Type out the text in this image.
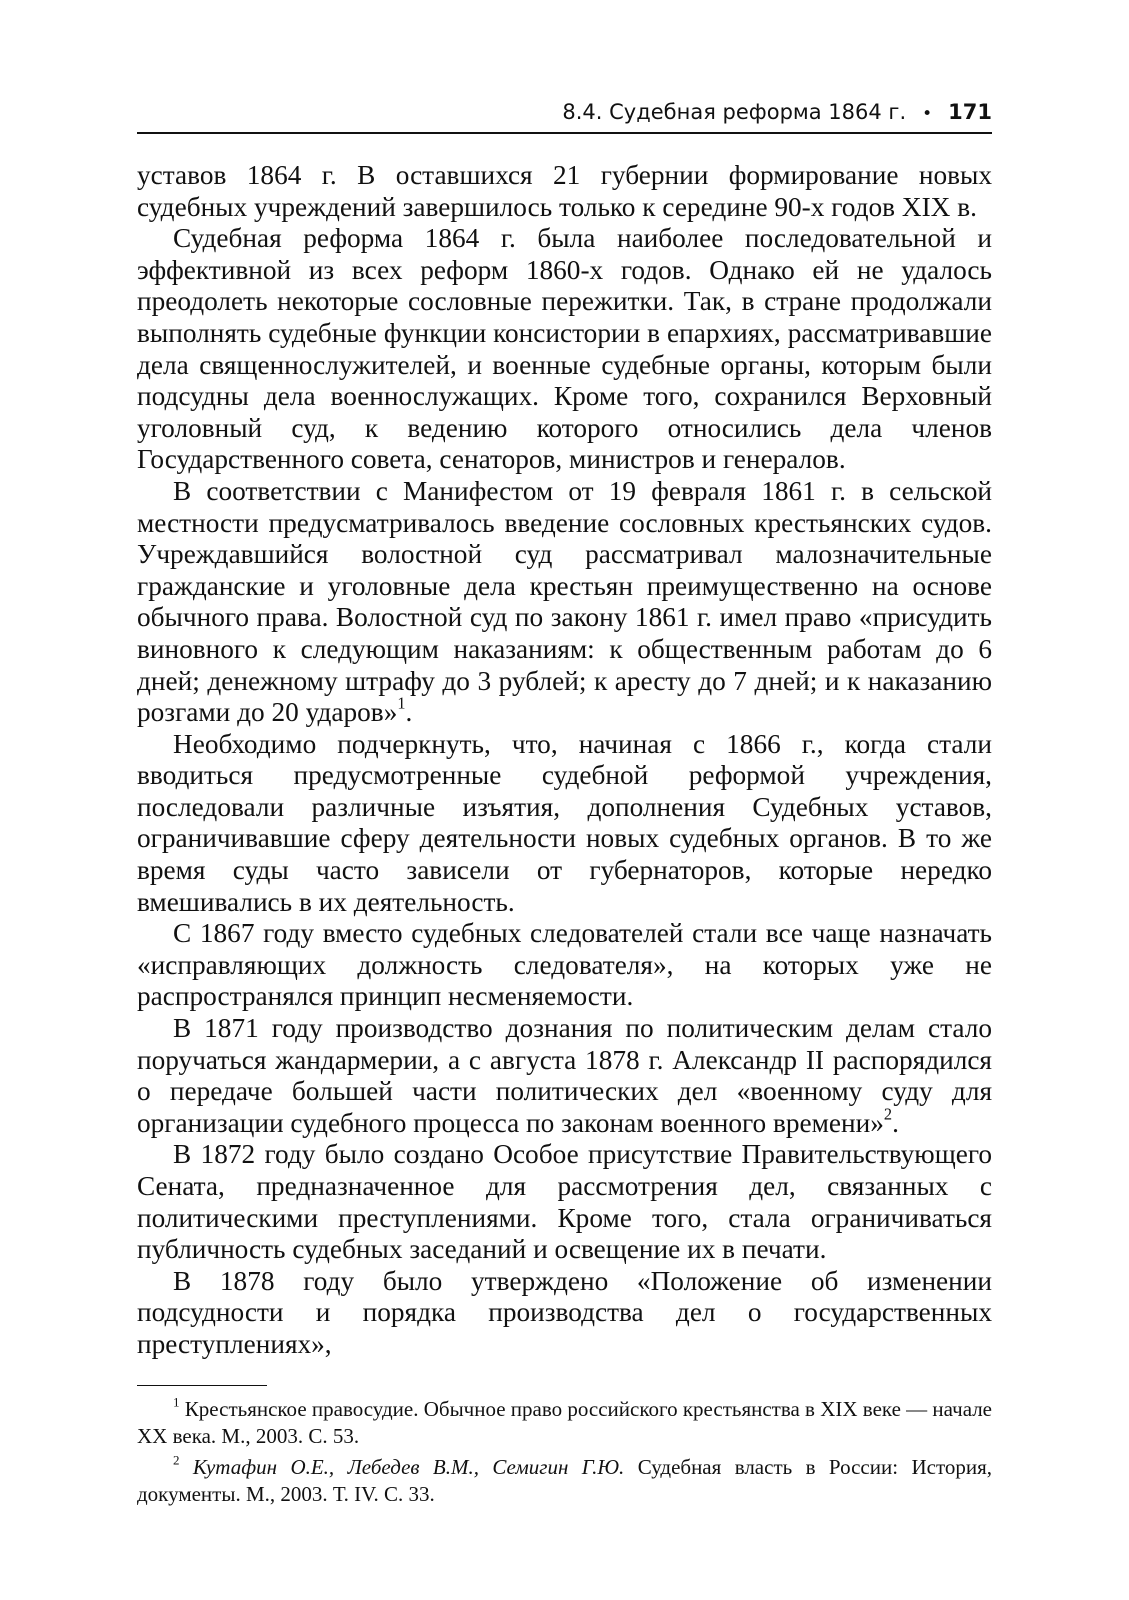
8.4. Судебная реформа 1864 г. • 171

уставов 1864 г. В оставшихся 21 губернии формирование новых судебных учреждений завершилось только к середине 90-х годов XIX в.

Судебная реформа 1864 г. была наиболее последовательной и эффективной из всех реформ 1860-х годов. Однако ей не удалось преодолеть некоторые сословные пережитки. Так, в стране продолжали выполнять судебные функции консистории в епархиях, рассматривавшие дела священнослужителей, и военные судебные органы, которым были подсудны дела военнослужащих. Кроме того, сохранился Верховный уголовный суд, к ведению которого относились дела членов Государственного совета, сенаторов, министров и генералов.

В соответствии с Манифестом от 19 февраля 1861 г. в сельской местности предусматривалось введение сословных крестьянских судов. Учреждавшийся волостной суд рассматривал малозначительные гражданские и уголовные дела крестьян преимущественно на основе обычного права. Волостной суд по закону 1861 г. имел право «присудить виновного к следующим наказаниям: к общественным работам до 6 дней; денежному штрафу до 3 рублей; к аресту до 7 дней; и к наказанию розгами до 20 ударов»$^1$.

Необходимо подчеркнуть, что, начиная с 1866 г., когда стали вводиться предусмотренные судебной реформой учреждения, последовали различные изъятия, дополнения Судебных уставов, ограничивавшие сферу деятельности новых судебных органов. В то же время суды часто зависели от губернаторов, которые нередко вмешивались в их деятельность.

С 1867 году вместо судебных следователей стали все чаще назначать «исправляющих должность следователя», на которых уже не распространялся принцип несменяемости.

В 1871 году производство дознания по политическим делам стало поручаться жандармерии, а с августа 1878 г. Александр II распорядился о передаче большей части политических дел «военному суду для организации судебного процесса по законам военного времени»$^2$.

В 1872 году было создано Особое присутствие Правительствующего Сената, предназначенное для рассмотрения дел, связанных с политическими преступлениями. Кроме того, стала ограничиваться публичность судебных заседаний и освещение их в печати.

В 1878 году было утверждено «Положение об изменении подсудности и порядка производства дел о государственных преступлениях»,

$^1$ Крестьянское правосудие. Обычное право российского крестьянства в XIX веке — начале XX века. М., 2003. С. 53.

$^2$ Кутафин О.Е., Лебедев В.М., Семигин Г.Ю. Судебная власть в России: История, документы. М., 2003. Т. IV. С. 33.
